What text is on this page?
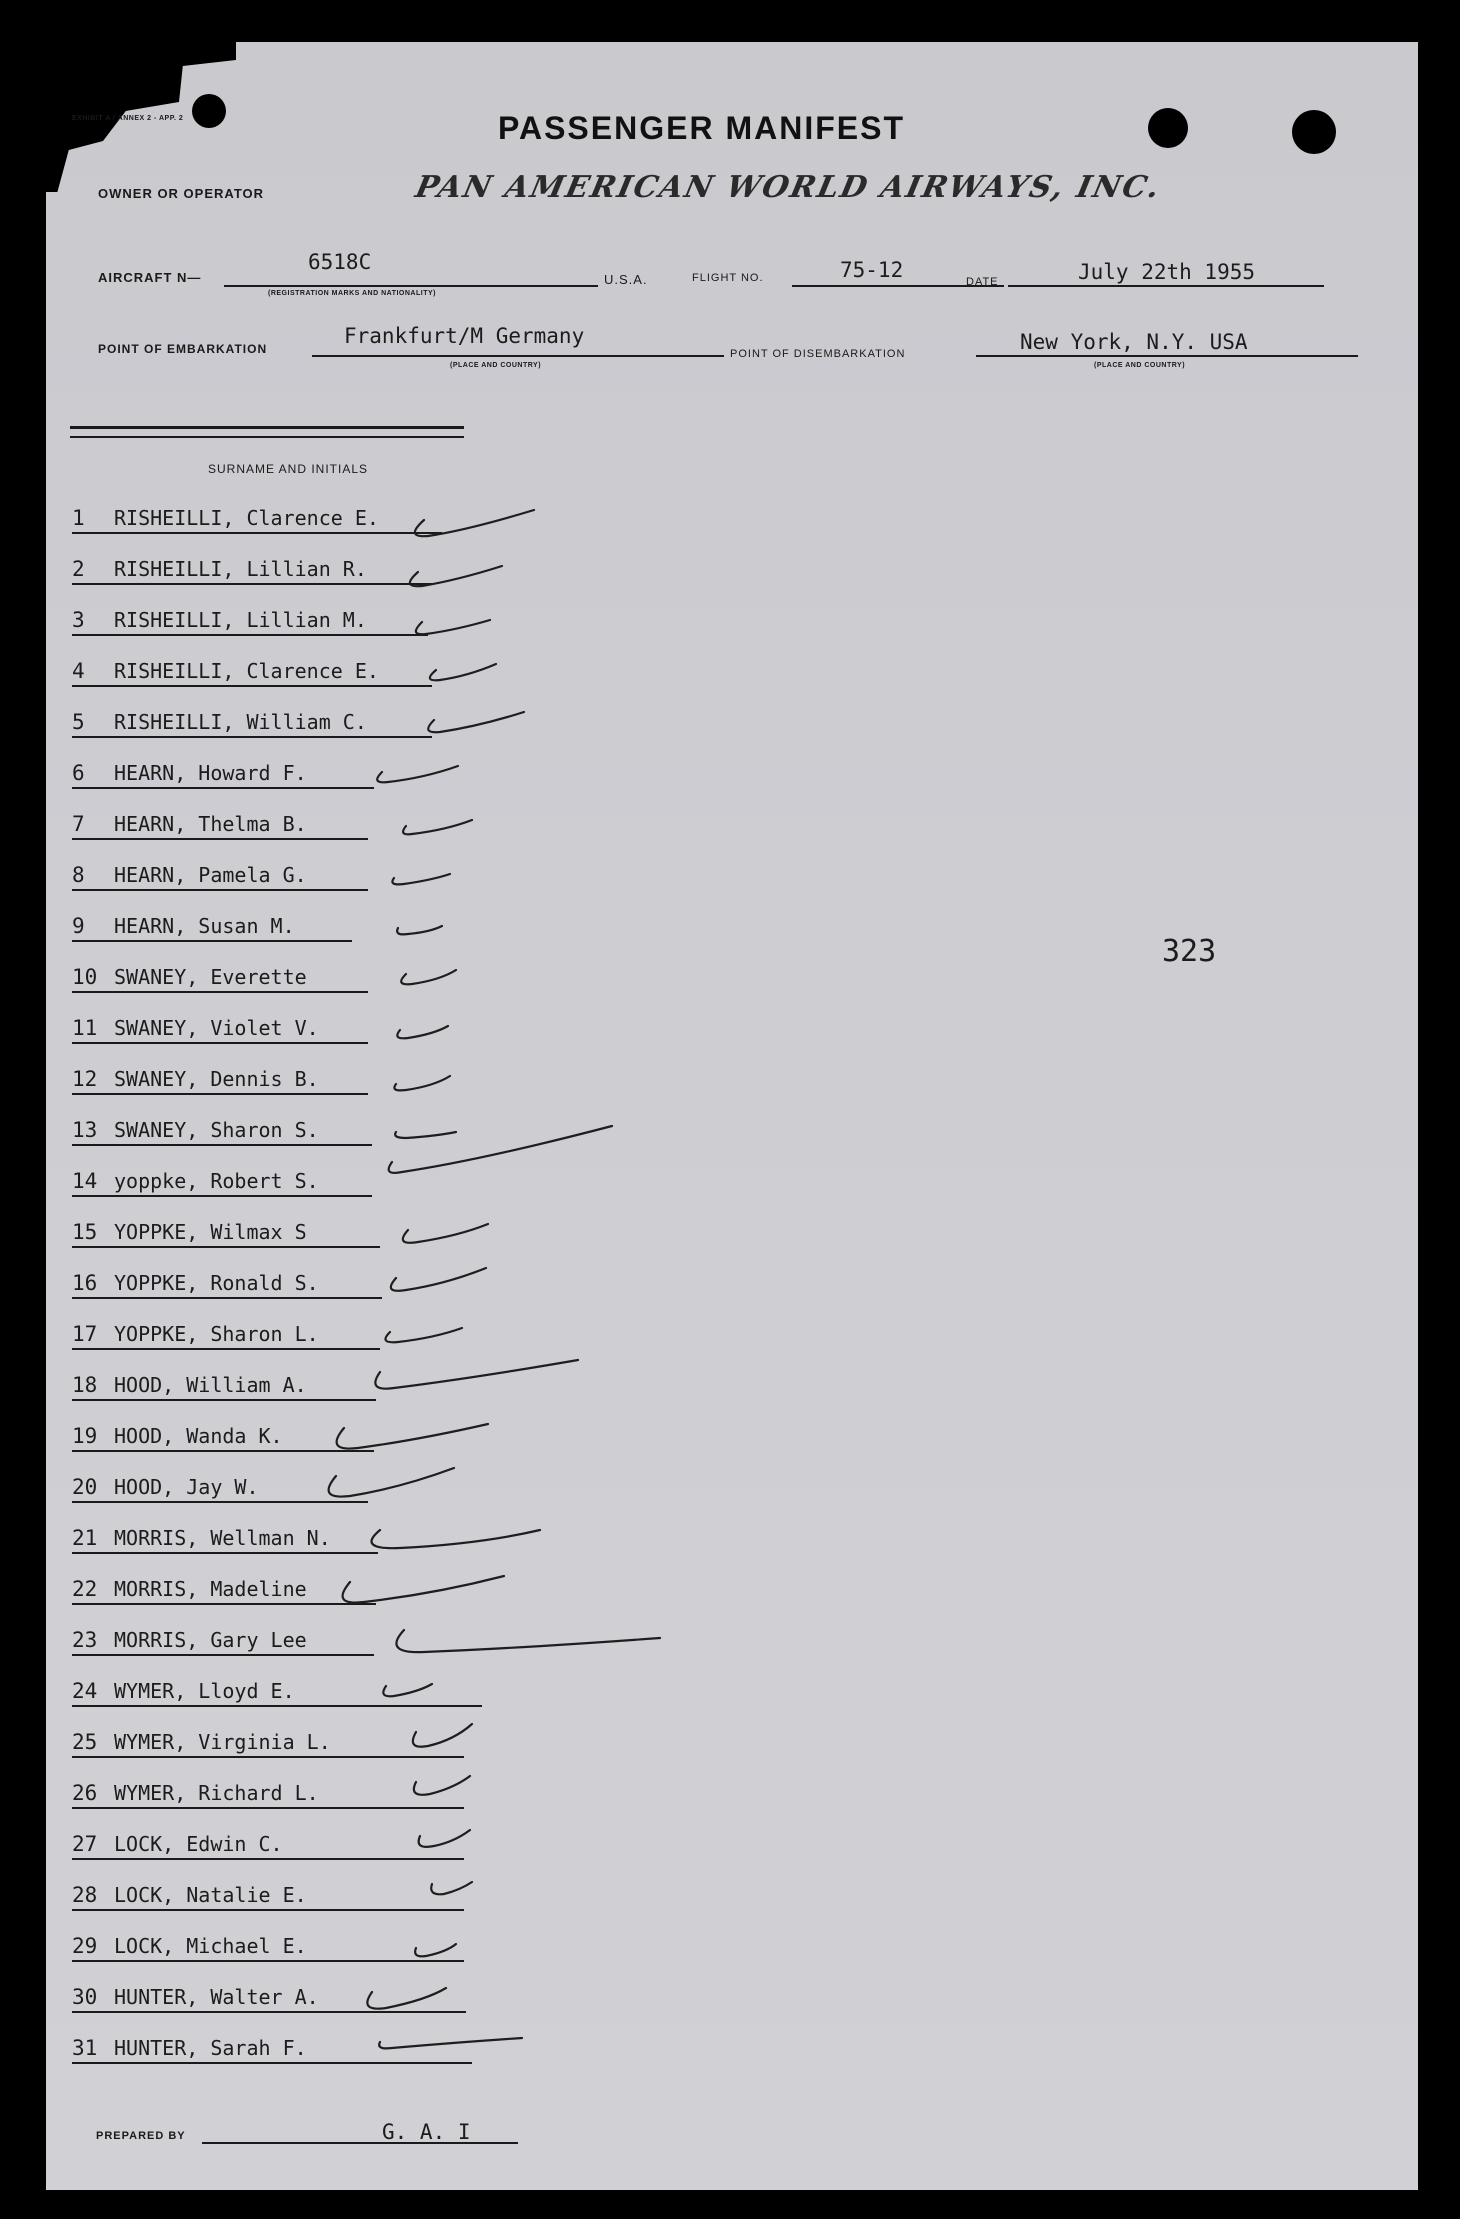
EXHIBIT A / ANNEX 2 - APP. 2	PASSENGER MANIFEST
OWNER OR OPERATOR	PAN AMERICAN WORLD AIRWAYS, INC.
AIRCRAFT N—
6518C
(REGISTRATION MARKS AND NATIONALITY)
U.S.A.	FLIGHT NO.	75-12	DATE	July 22th 1955
POINT OF EMBARKATION
Frankfurt/M Germany
(PLACE AND COUNTRY)
POINT OF DISEMBARKATION	New York, N.Y. USA
(PLACE AND COUNTRY)
SURNAME AND INITIALS
1	RISHEILLI, Clarence E.
2	RISHEILLI, Lillian R.
3	RISHEILLI, Lillian M.
4	RISHEILLI, Clarence E.
5	RISHEILLI, William C.
6	HEARN, Howard F.
7	HEARN, Thelma B.
8	HEARN, Pamela G.
9	HEARN, Susan M.
10 SWANEY, Everette
11 SWANEY, Violet V.
12 SWANEY, Dennis B.
13 SWANEY, Sharon S.
14 yoppke, Robert S.
15 YOPPKE, Wilmax S
16 YOPPKE, Ronald S.
17 YOPPKE, Sharon L.
18 HOOD, William A.
19 HOOD, Wanda K.
20 HOOD, Jay W.
21 MORRIS, Wellman N.
22 MORRIS, Madeline
23 MORRIS, Gary Lee
24 WYMER, Lloyd E.
25 WYMER, Virginia L.
26 WYMER, Richard L.
27 LOCK, Edwin C.
28 LOCK, Natalie E.
29 LOCK, Michael E.
30 HUNTER, Walter A.
31 HUNTER, Sarah F.
323
PREPARED BY	G. A. I
